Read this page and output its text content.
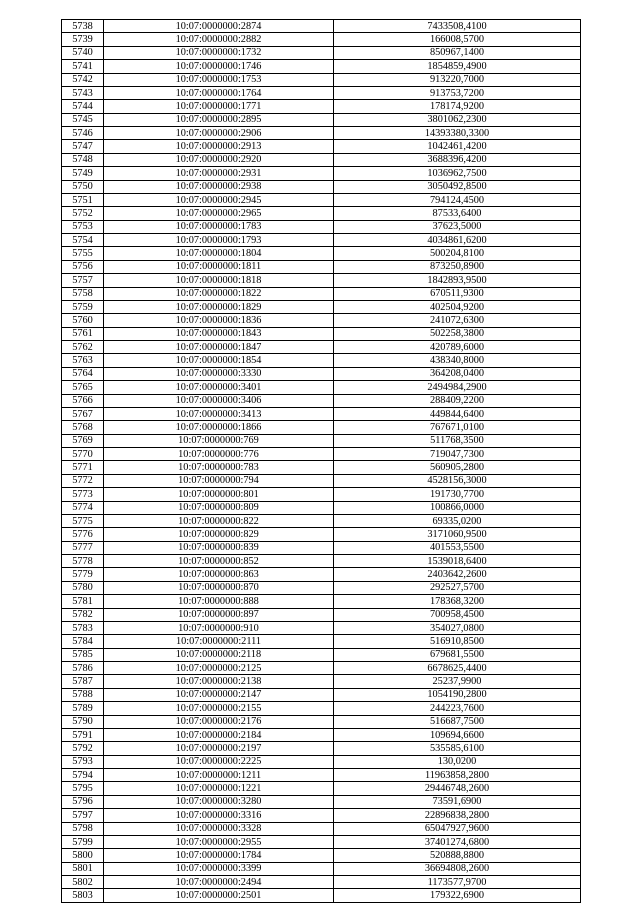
5738	10:07:0000000:2874	7433508,4100
5739	10:07:0000000:2882	166008,5700
5740	10:07:0000000:1732	850967,1400
5741	10:07:0000000:1746	1854859,4900
5742	10:07:0000000:1753	913220,7000
5743	10:07:0000000:1764	913753,7200
5744	10:07:0000000:1771	178174,9200
5745	10:07:0000000:2895	3801062,2300
5746	10:07:0000000:2906	14393380,3300
5747	10:07:0000000:2913	1042461,4200
5748	10:07:0000000:2920	3688396,4200
5749	10:07:0000000:2931	1036962,7500
5750	10:07:0000000:2938	3050492,8500
5751	10:07:0000000:2945	794124,4500
5752	10:07:0000000:2965	87533,6400
5753	10:07:0000000:1783	37623,5000
5754	10:07:0000000:1793	4034861,6200
5755	10:07:0000000:1804	500204,8100
5756	10:07:0000000:1811	873250,8900
5757	10:07:0000000:1818	1842893,9500
5758	10:07:0000000:1822	670511,9300
5759	10:07:0000000:1829	402504,9200
5760	10:07:0000000:1836	241072,6300
5761	10:07:0000000:1843	502258,3800
5762	10:07:0000000:1847	420789,6000
5763	10:07:0000000:1854	438340,8000
5764	10:07:0000000:3330	364208,0400
5765	10:07:0000000:3401	2494984,2900
5766	10:07:0000000:3406	288409,2200
5767	10:07:0000000:3413	449844,6400
5768	10:07:0000000:1866	767671,0100
5769	10:07:0000000:769	511768,3500
5770	10:07:0000000:776	719047,7300
5771	10:07:0000000:783	560905,2800
5772	10:07:0000000:794	4528156,3000
5773	10:07:0000000:801	191730,7700
5774	10:07:0000000:809	100866,0000
5775	10:07:0000000:822	69335,0200
5776	10:07:0000000:829	3171060,9500
5777	10:07:0000000:839	401553,5500
5778	10:07:0000000:852	1539018,6400
5779	10:07:0000000:863	2403642,2600
5780	10:07:0000000:870	292527,5700
5781	10:07:0000000:888	178368,3200
5782	10:07:0000000:897	700958,4500
5783	10:07:0000000:910	354027,0800
5784	10:07:0000000:2111	516910,8500
5785	10:07:0000000:2118	679681,5500
5786	10:07:0000000:2125	6678625,4400
5787	10:07:0000000:2138	25237,9900
5788	10:07:0000000:2147	1054190,2800
5789	10:07:0000000:2155	244223,7600
5790	10:07:0000000:2176	516687,7500
5791	10:07:0000000:2184	109694,6600
5792	10:07:0000000:2197	535585,6100
5793	10:07:0000000:2225	130,0200
5794	10:07:0000000:1211	11963858,2800
5795	10:07:0000000:1221	29446748,2600
5796	10:07:0000000:3280	73591,6900
5797	10:07:0000000:3316	22896838,2800
5798	10:07:0000000:3328	65047927,9600
5799	10:07:0000000:2955	37401274,6800
5800	10:07:0000000:1784	520888,8800
5801	10:07:0000000:3399	36694808,2600
5802	10:07:0000000:2494	1173577,9700
5803	10:07:0000000:2501	179322,6900
